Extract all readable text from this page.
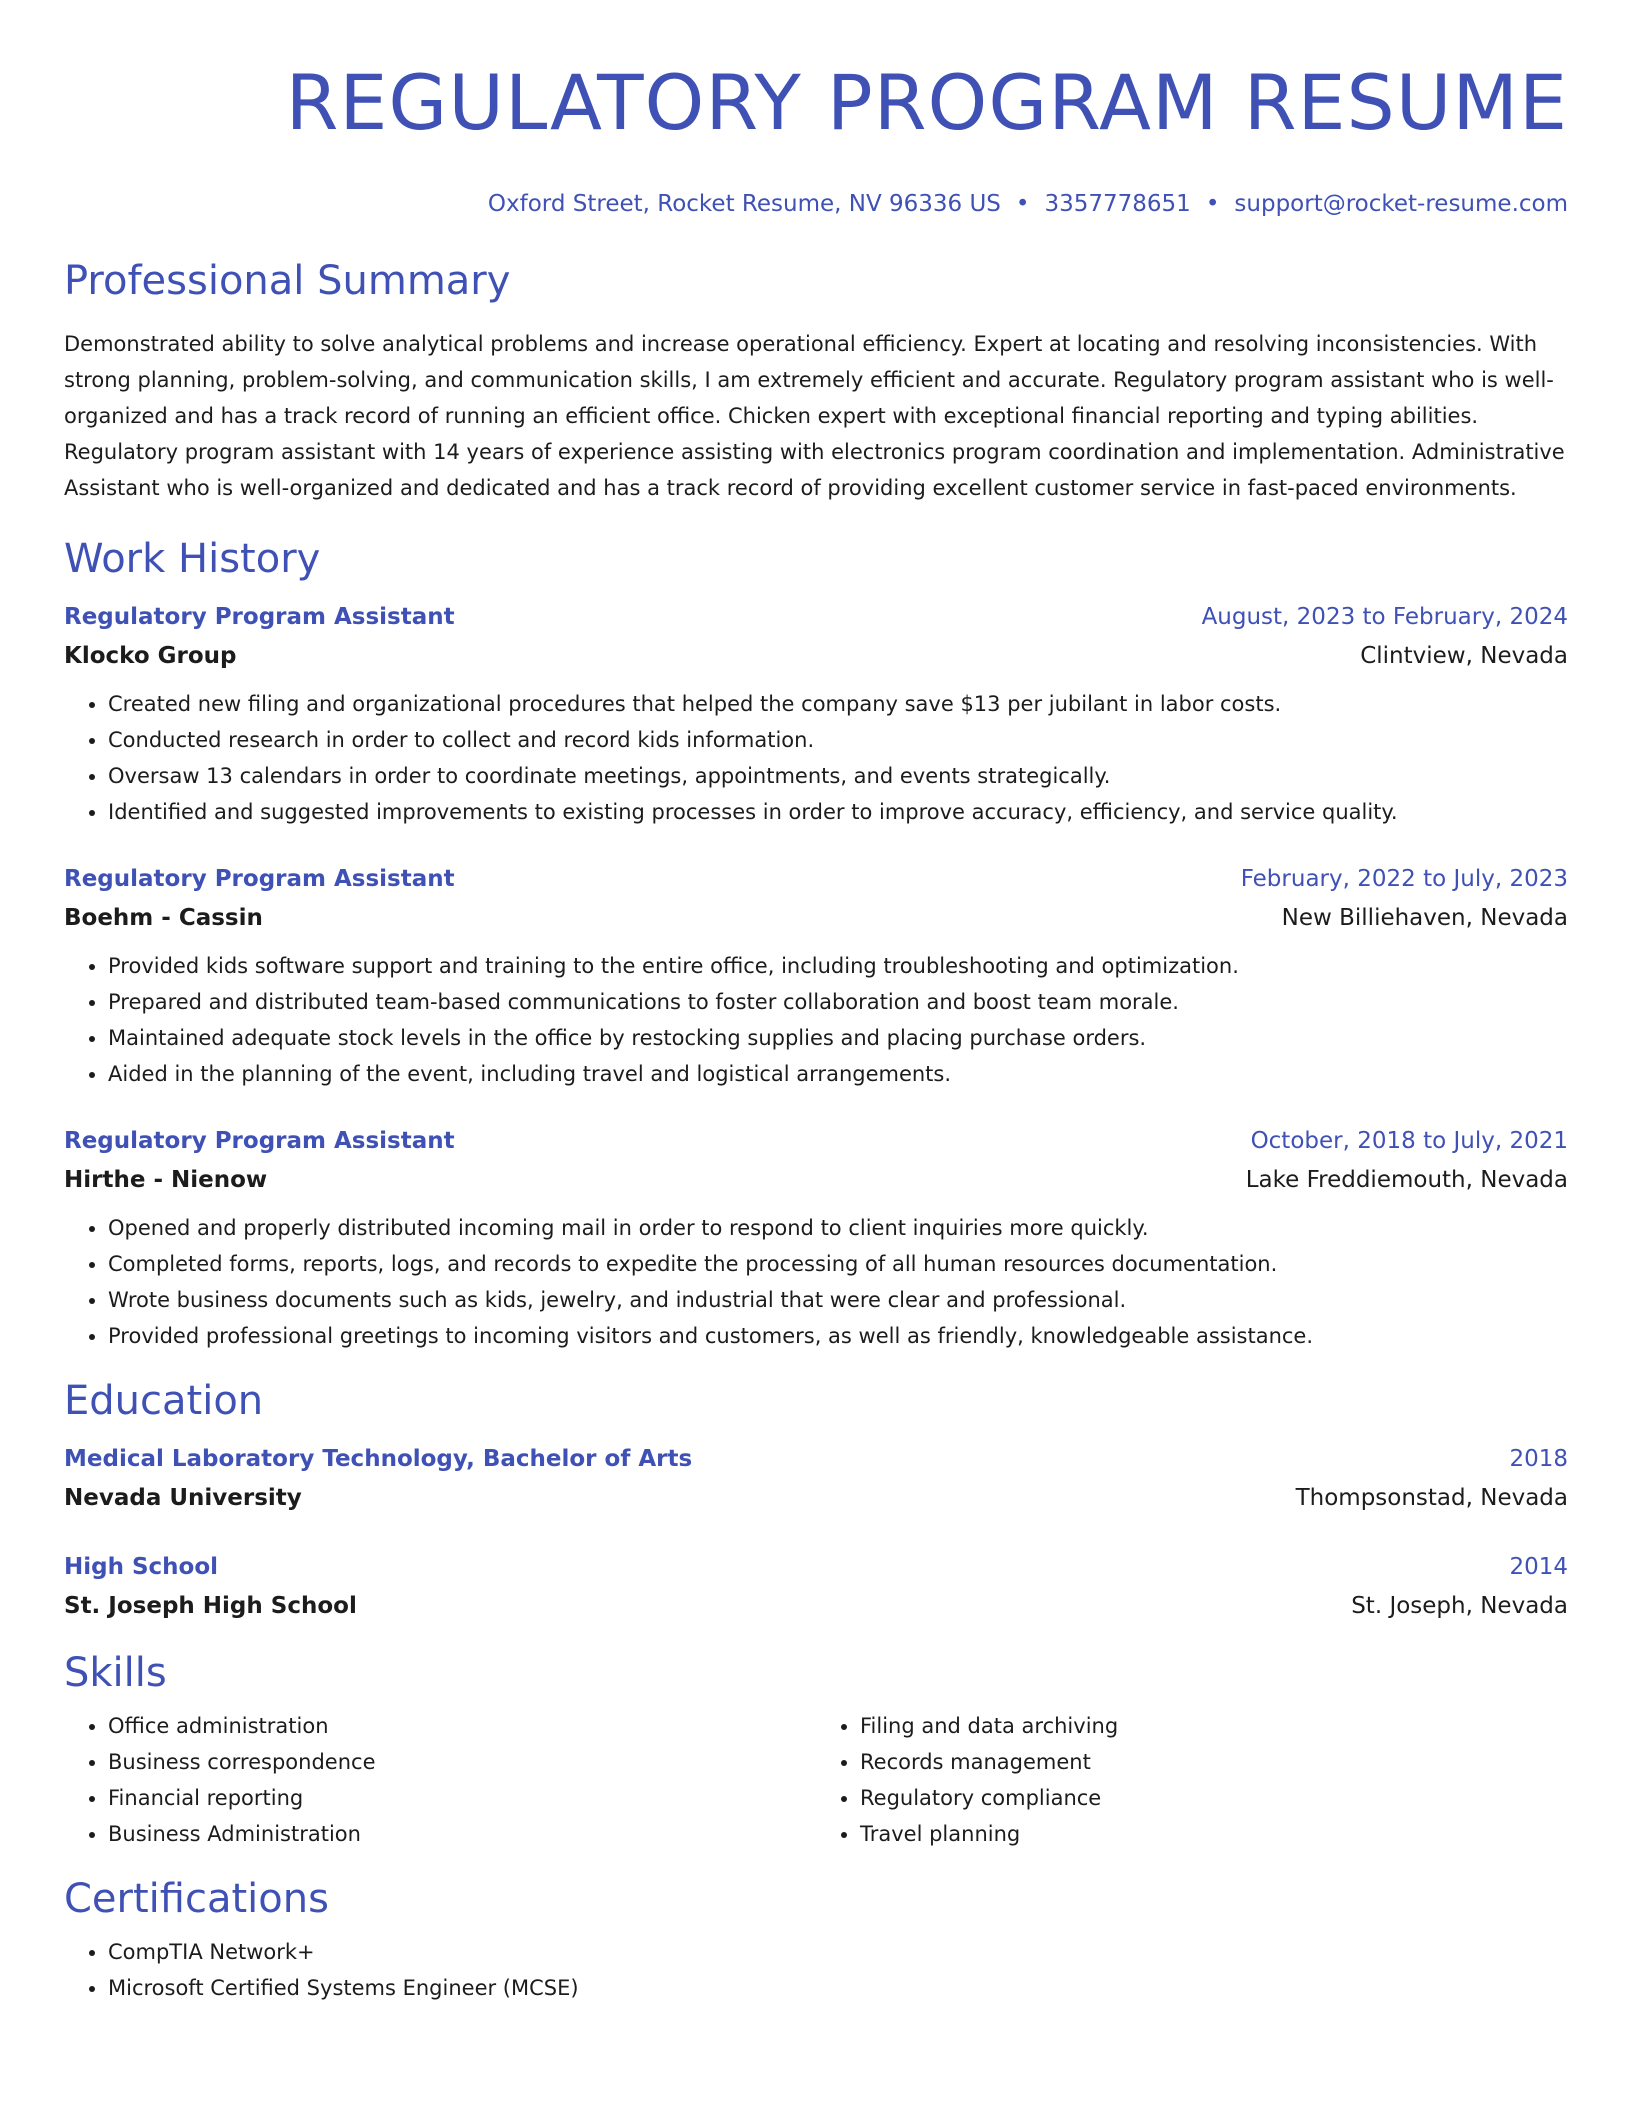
REGULATORY PROGRAM RESUME
Oxford Street, Rocket Resume, NV 96336 US • 3357778651 • support@rocket-resume.com
Professional Summary

Demonstrated ability to solve analytical problems and increase operational efficiency. Expert at locating and resolving inconsistencies. With strong planning, problem-solving, and communication skills, I am extremely efficient and accurate. Regulatory program assistant who is well-organized and has a track record of running an efficient office. Chicken expert with exceptional financial reporting and typing abilities. Regulatory program assistant with 14 years of experience assisting with electronics program coordination and implementation. Administrative Assistant who is well-organized and dedicated and has a track record of providing excellent customer service in fast-paced environments.

Work History
Regulatory Program Assistant	August, 2023 to February, 2024
Klocko Group	Clintview, Nevada
• Created new filing and organizational procedures that helped the company save $13 per jubilant in labor costs.
• Conducted research in order to collect and record kids information.
• Oversaw 13 calendars in order to coordinate meetings, appointments, and events strategically.
• Identified and suggested improvements to existing processes in order to improve accuracy, efficiency, and service quality.
Regulatory Program Assistant	February, 2022 to July, 2023
Boehm - Cassin	New Billiehaven, Nevada
• Provided kids software support and training to the entire office, including troubleshooting and optimization.
• Prepared and distributed team-based communications to foster collaboration and boost team morale.
• Maintained adequate stock levels in the office by restocking supplies and placing purchase orders.
• Aided in the planning of the event, including travel and logistical arrangements.
Regulatory Program Assistant	October, 2018 to July, 2021
Hirthe - Nienow	Lake Freddiemouth, Nevada
• Opened and properly distributed incoming mail in order to respond to client inquiries more quickly.
• Completed forms, reports, logs, and records to expedite the processing of all human resources documentation.
• Wrote business documents such as kids, jewelry, and industrial that were clear and professional.
• Provided professional greetings to incoming visitors and customers, as well as friendly, knowledgeable assistance.
Education
Medical Laboratory Technology, Bachelor of Arts	2018
Nevada University	Thompsonstad, Nevada
High School	2014
St. Joseph High School	St. Joseph, Nevada
Skills
• Office administration
• Business correspondence
• Financial reporting
• Business Administration
• Filing and data archiving
• Records management
• Regulatory compliance
• Travel planning
Certifications
• CompTIA Network+
• Microsoft Certified Systems Engineer (MCSE)
